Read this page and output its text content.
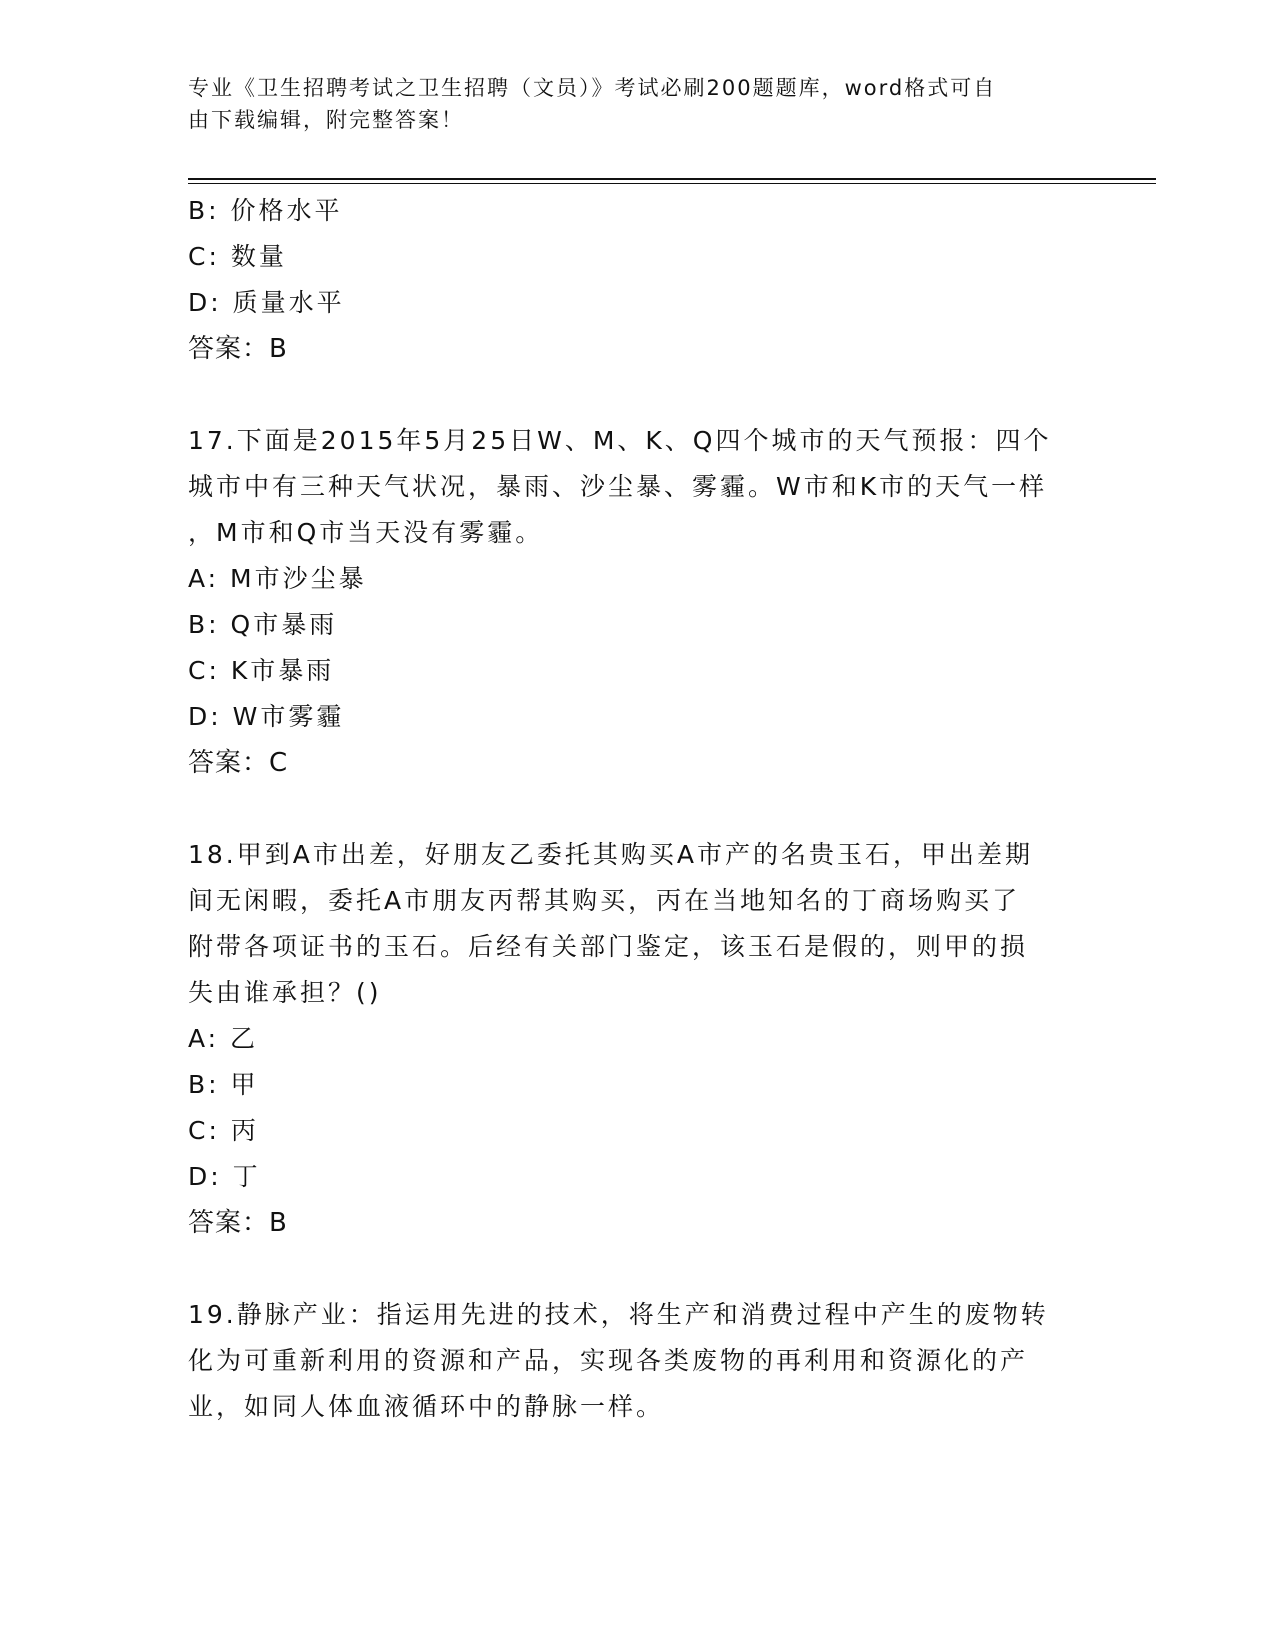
专业《卫生招聘考试之卫生招聘（文员）》考试必刷200题题库，word格式可自
由下载编辑，附完整答案！
B: 价格水平
C: 数量
D: 质量水平
答案：B
17.下面是2015年5月25日W、M、K、Q四个城市的天气预报：四个
城市中有三种天气状况，暴雨、沙尘暴、雾霾。W市和K市的天气一样
，M市和Q市当天没有雾霾。
A: M市沙尘暴
B: Q市暴雨
C: K市暴雨
D: W市雾霾
答案：C
18.甲到A市出差，好朋友乙委托其购买A市产的名贵玉石，甲出差期
间无闲暇，委托A市朋友丙帮其购买，丙在当地知名的丁商场购买了
附带各项证书的玉石。后经有关部门鉴定，该玉石是假的，则甲的损
失由谁承担？()
A: 乙
B: 甲
C: 丙
D: 丁
答案：B
19.静脉产业：指运用先进的技术，将生产和消费过程中产生的废物转
化为可重新利用的资源和产品，实现各类废物的再利用和资源化的产
业，如同人体血液循环中的静脉一样。
